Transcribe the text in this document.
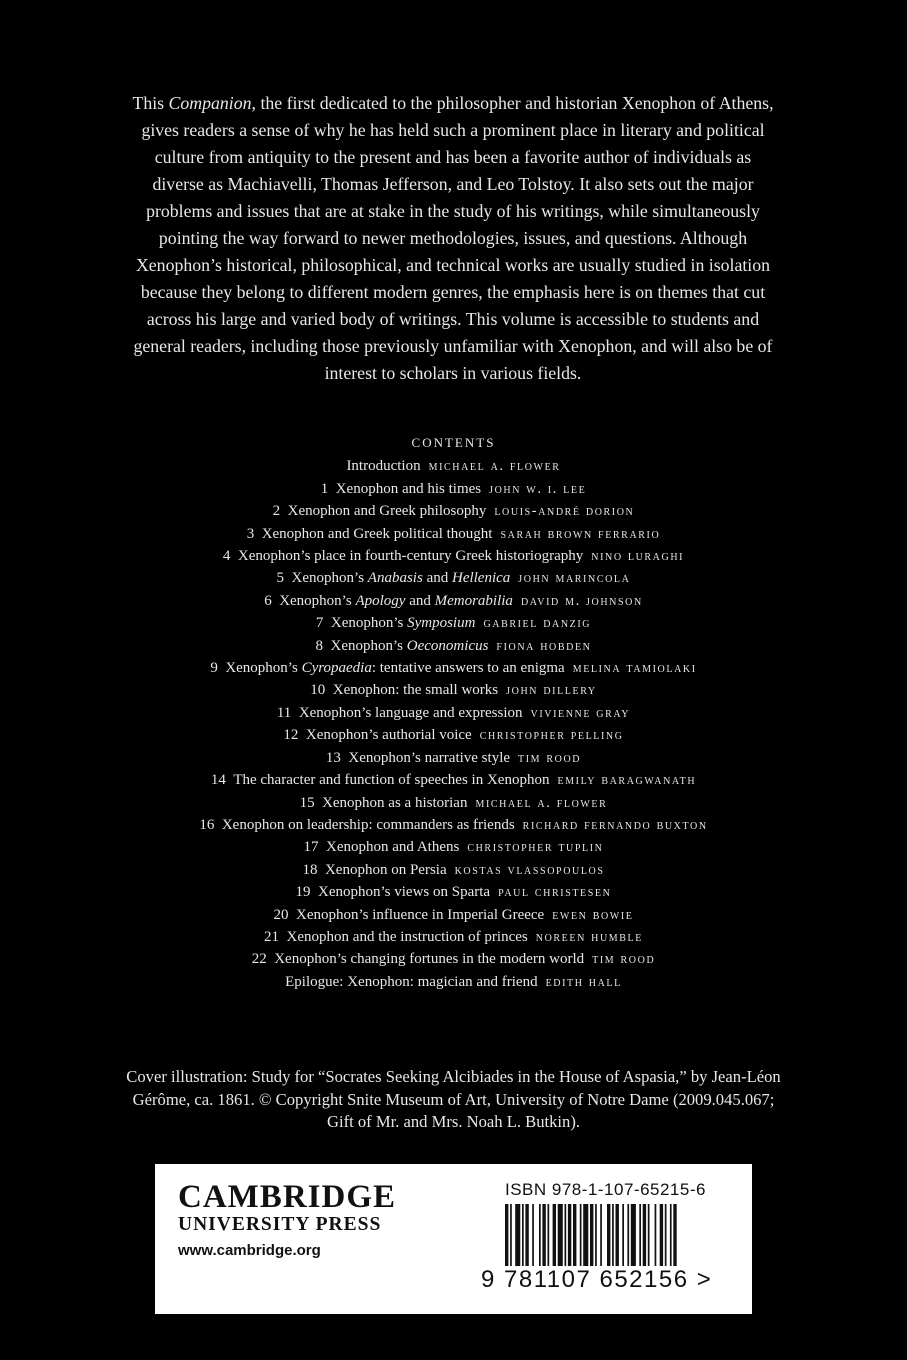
This Companion, the first dedicated to the philosopher and historian Xenophon of Athens, gives readers a sense of why he has held such a prominent place in literary and political culture from antiquity to the present and has been a favorite author of individuals as diverse as Machiavelli, Thomas Jefferson, and Leo Tolstoy. It also sets out the major problems and issues that are at stake in the study of his writings, while simultaneously pointing the way forward to newer methodologies, issues, and questions. Although Xenophon’s historical, philosophical, and technical works are usually studied in isolation because they belong to different modern genres, the emphasis here is on themes that cut across his large and varied body of writings. This volume is accessible to students and general readers, including those previously unfamiliar with Xenophon, and will also be of interest to scholars in various fields.

CONTENTS
Introduction michael a. flower
1 Xenophon and his times john w. i. lee
2 Xenophon and Greek philosophy louis-andré dorion
3 Xenophon and Greek political thought sarah brown ferrario
4 Xenophon’s place in fourth-century Greek historiography nino luraghi
5 Xenophon’s Anabasis and Hellenica john marincola
6 Xenophon’s Apology and Memorabilia david m. johnson
7 Xenophon’s Symposium gabriel danzig
8 Xenophon’s Oeconomicus fiona hobden
9 Xenophon’s Cyropaedia: tentative answers to an enigma melina tamiolaki
10 Xenophon: the small works john dillery
11 Xenophon’s language and expression vivienne gray
12 Xenophon’s authorial voice christopher pelling
13 Xenophon’s narrative style tim rood
14 The character and function of speeches in Xenophon emily baragwanath
15 Xenophon as a historian michael a. flower
16 Xenophon on leadership: commanders as friends richard fernando buxton
17 Xenophon and Athens christopher tuplin
18 Xenophon on Persia kostas vlassopoulos
19 Xenophon’s views on Sparta paul christesen
20 Xenophon’s influence in Imperial Greece ewen bowie
21 Xenophon and the instruction of princes noreen humble
22 Xenophon’s changing fortunes in the modern world tim rood
Epilogue: Xenophon: magician and friend edith hall

Cover illustration: Study for “Socrates Seeking Alcibiades in the House of Aspasia,” by Jean-Léon Gérôme, ca. 1861. © Copyright Snite Museum of Art, University of Notre Dame (2009.045.067; Gift of Mr. and Mrs. Noah L. Butkin).

CAMBRIDGE
UNIVERSITY PRESS
www.cambridge.org
ISBN 978-1-107-65215-6
9 781107 652156 >
